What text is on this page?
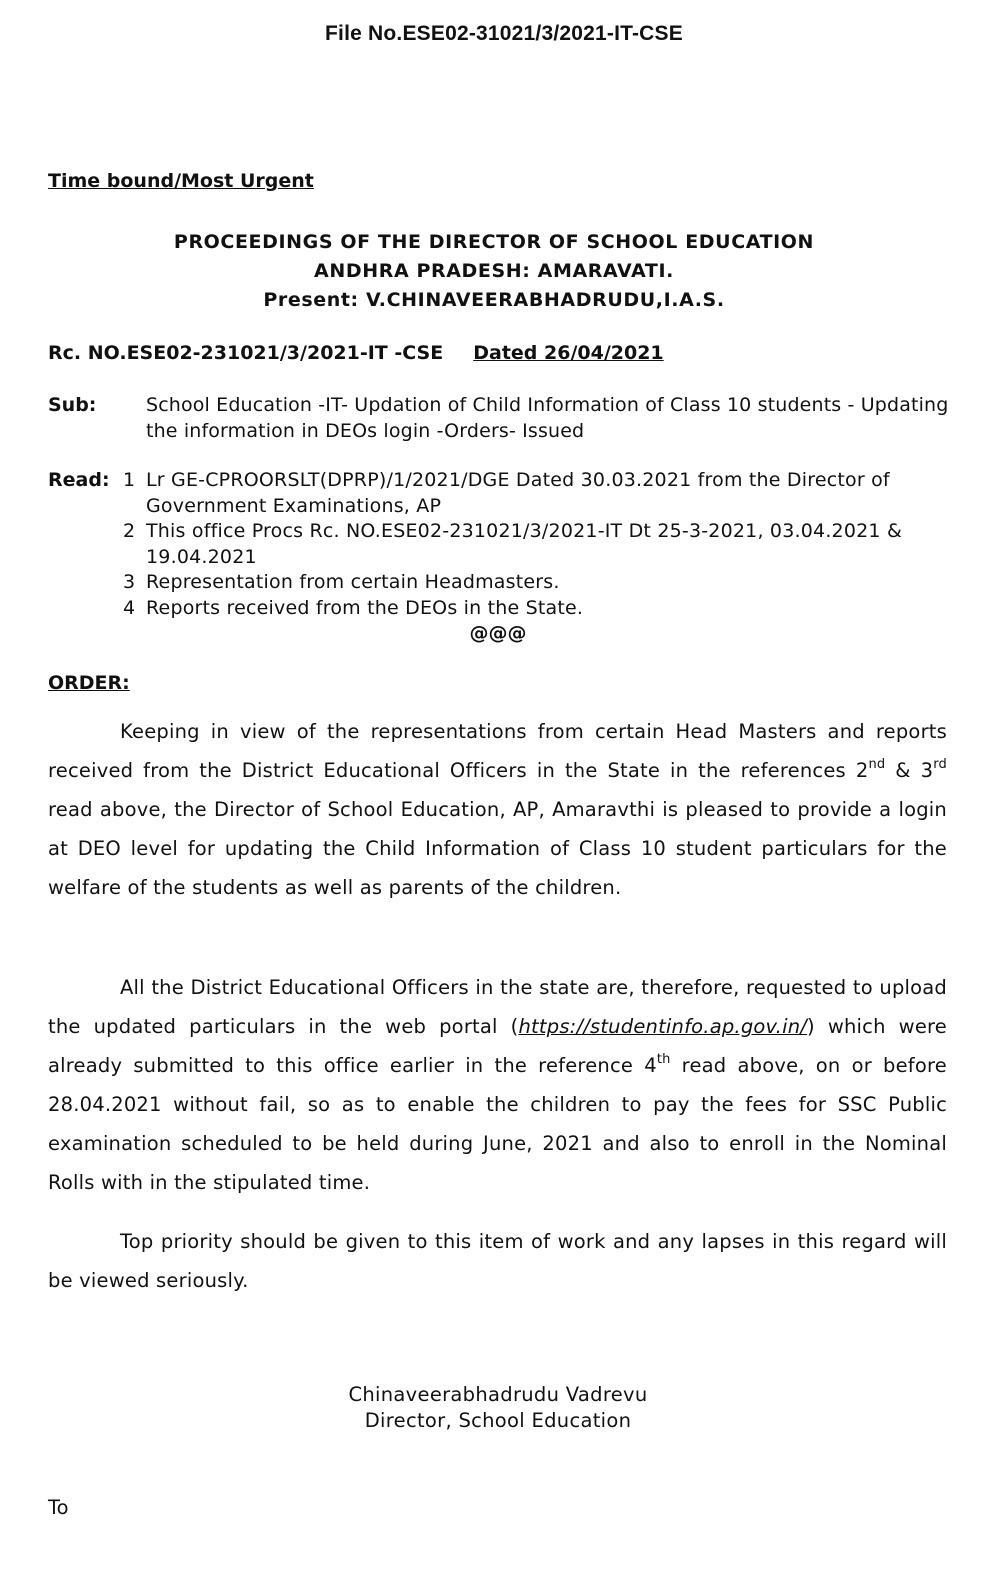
File No.ESE02-31021/3/2021-IT-CSE
Time bound/Most Urgent
PROCEEDINGS OF THE DIRECTOR OF SCHOOL EDUCATION
ANDHRA PRADESH: AMARAVATI.
Present: V.CHINAVEERABHADRUDU,I.A.S.
Rc. NO.ESE02-231021/3/2021-IT -CSE Dated 26/04/2021
Sub:	School Education -IT- Updation of Child Information of Class 10 students - Updating the information in DEOs login -Orders- Issued
Read: 1 Lr GE-CPROORSLT(DPRP)/1/2021/DGE Dated 30.03.2021 from the Director of Government Examinations, AP
2 This office Procs Rc. NO.ESE02-231021/3/2021-IT Dt 25-3-2021, 03.04.2021 & 19.04.2021
3 Representation from certain Headmasters.
4 Reports received from the DEOs in the State.
@@@
ORDER:
Keeping in view of the representations from certain Head Masters and reports received from the District Educational Officers in the State in the references 2nd & 3rd read above, the Director of School Education, AP, Amaravthi is pleased to provide a login at DEO level for updating the Child Information of Class 10 student particulars for the welfare of the students as well as parents of the children.
All the District Educational Officers in the state are, therefore, requested to upload the updated particulars in the web portal (https://studentinfo.ap.gov.in/) which were already submitted to this office earlier in the reference 4th read above, on or before 28.04.2021 without fail, so as to enable the children to pay the fees for SSC Public examination scheduled to be held during June, 2021 and also to enroll in the Nominal Rolls with in the stipulated time.
Top priority should be given to this item of work and any lapses in this regard will be viewed seriously.
Chinaveerabhadrudu Vadrevu
Director, School Education
To
